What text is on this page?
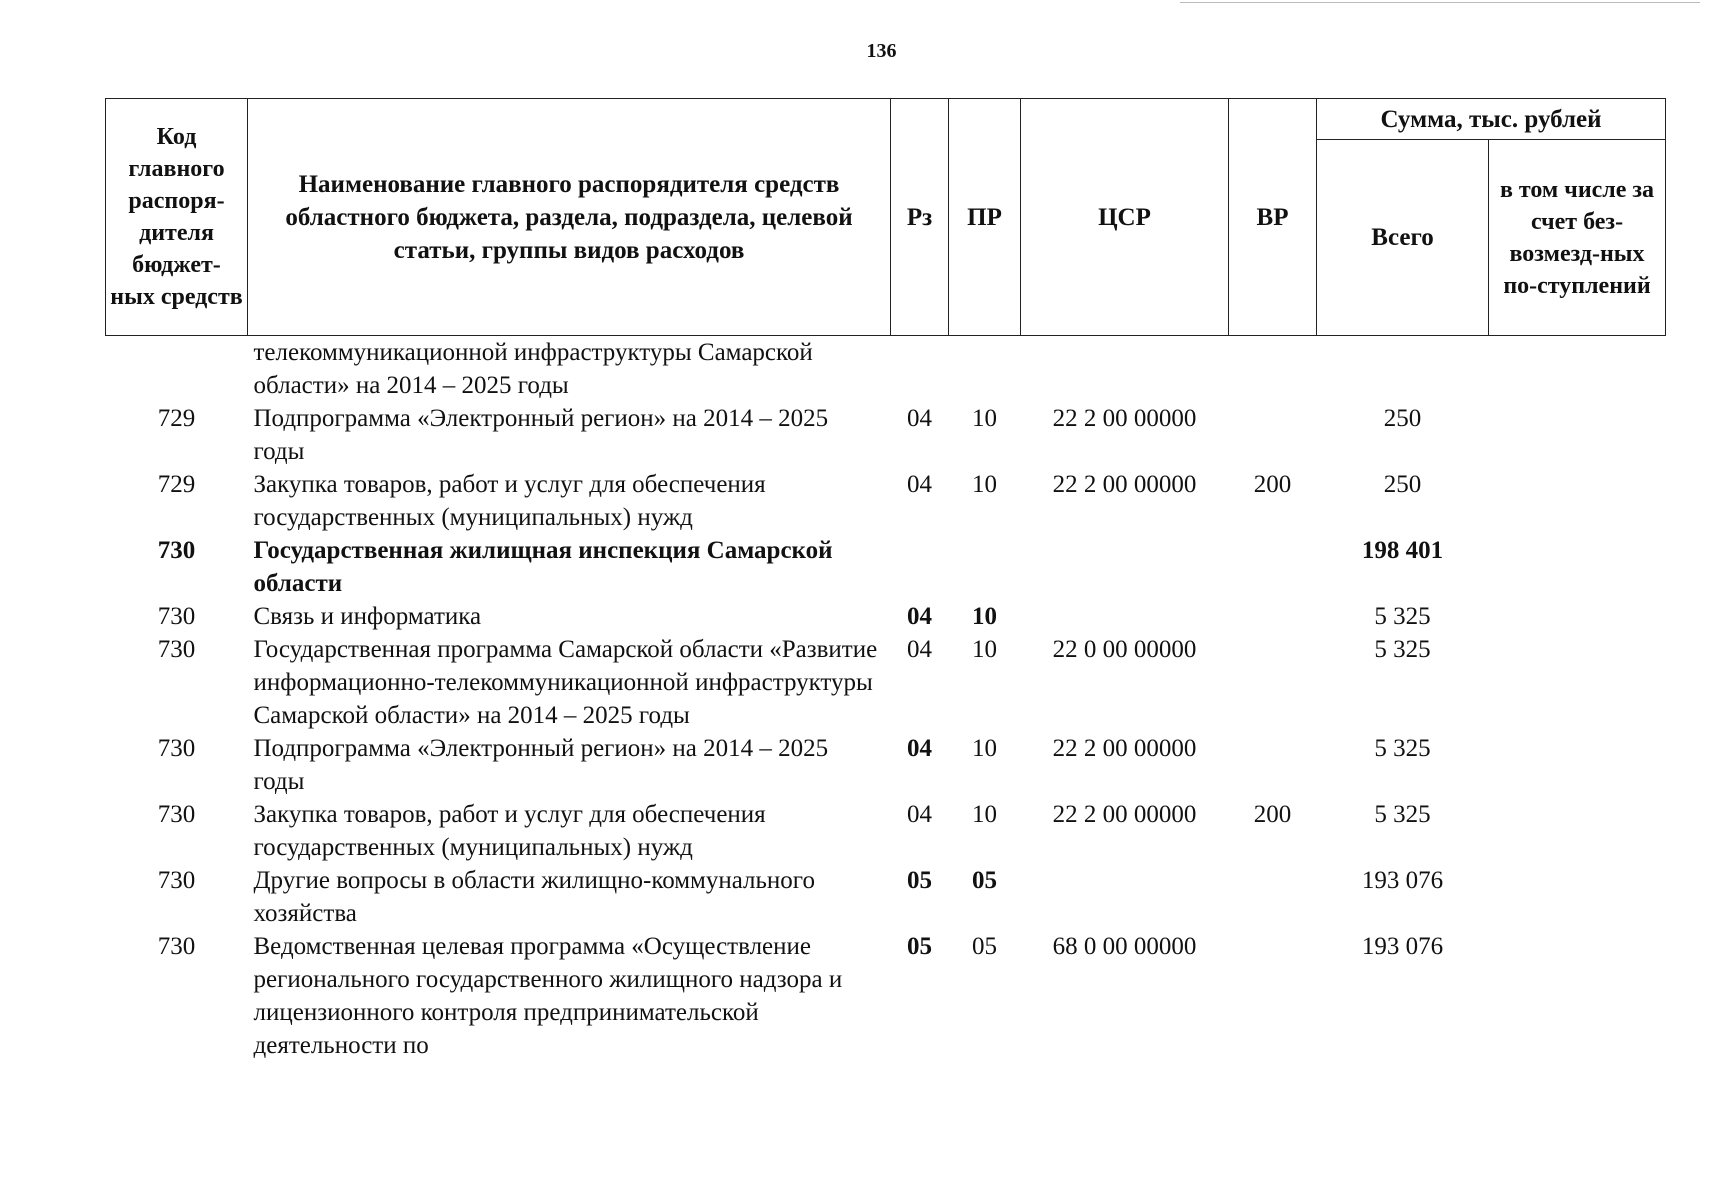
136
Код главного распоря-дителя бюджет-ных средств	Наименование главного распорядителя средств областного бюджета, раздела, подраздела, целевой статьи, группы видов расходов	Рз	ПР	ЦСР	ВР	Сумма, тыс. рублей	
						Всего	в том числе за счет без-возмезд-ных по-ступлений
	телекоммуникационной инфраструктуры Самарской области» на 2014 – 2025 годы						
729	Подпрограмма «Электронный регион» на 2014 – 2025 годы	04	10	22 2 00 00000		250	
729	Закупка товаров, работ и услуг для обеспечения государственных (муниципальных) нужд	04	10	22 2 00 00000	200	250	
730	Государственная жилищная инспекция Самарской области					198 401	
730	Связь и информатика	04	10			5 325	
730	Государственная программа Самарской области «Развитие информационно-телекоммуникационной инфраструктуры Самарской области» на 2014 – 2025 годы	04	10	22 0 00 00000		5 325	
730	Подпрограмма «Электронный регион» на 2014 – 2025 годы	04	10	22 2 00 00000		5 325	
730	Закупка товаров, работ и услуг для обеспечения государственных (муниципальных) нужд	04	10	22 2 00 00000	200	5 325	
730	Другие вопросы в области жилищно-коммунального хозяйства	05	05			193 076	
730	Ведомственная целевая программа «Осуществление регионального государственного жилищного надзора и лицензионного контроля предпринимательской деятельности по	05	05	68 0 00 00000		193 076	
